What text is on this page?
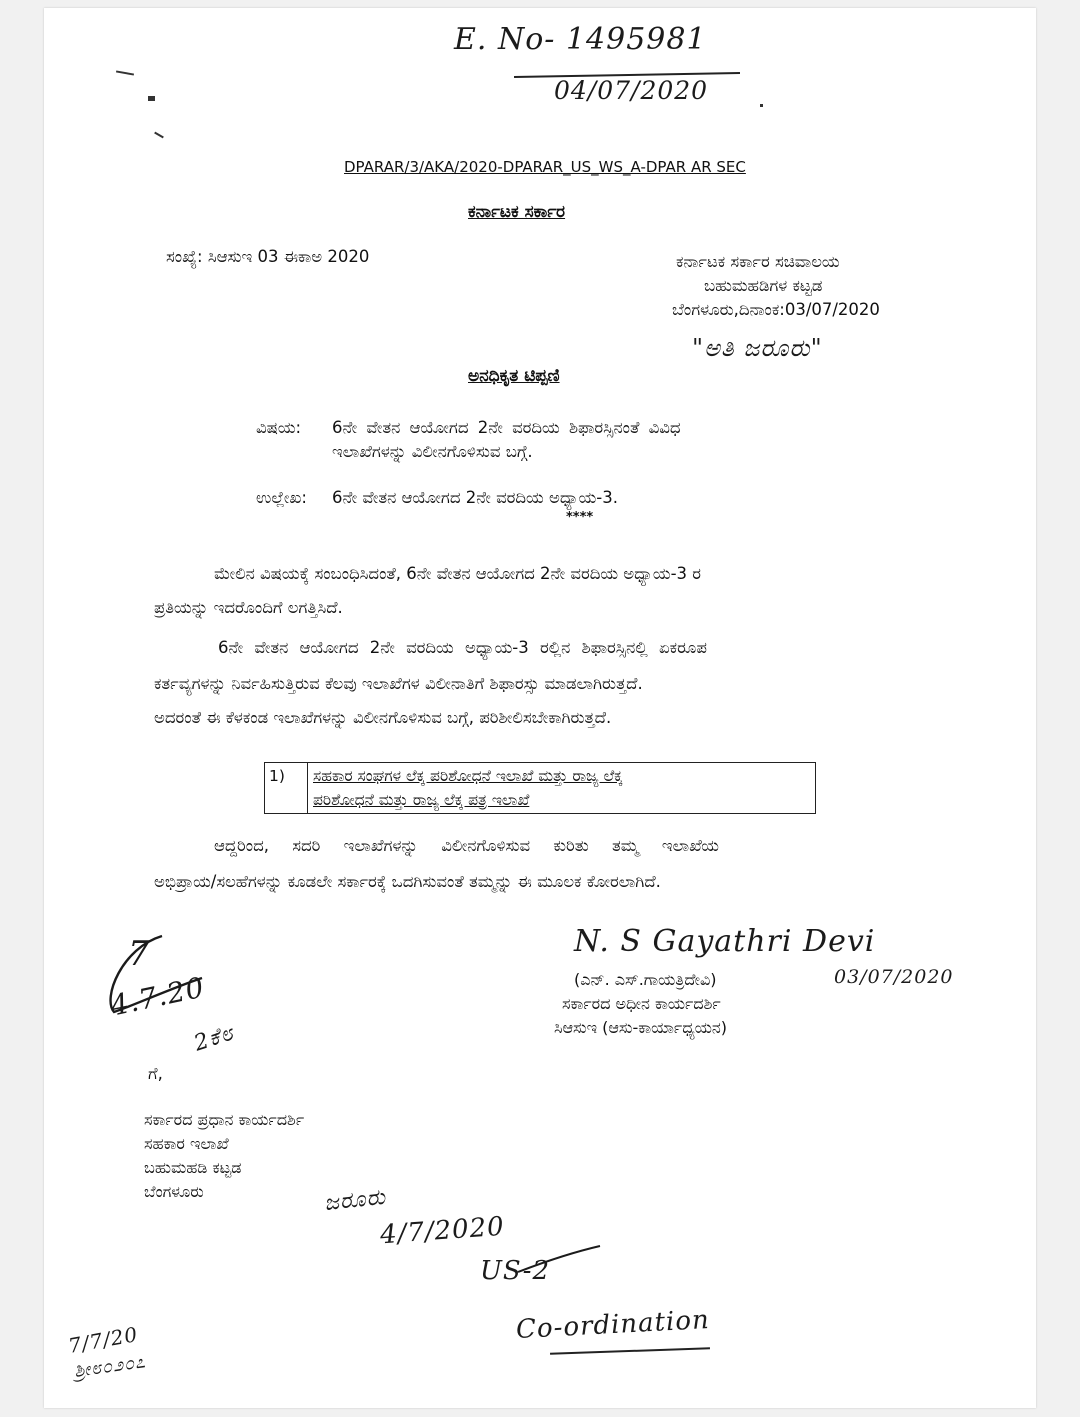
E. No- 1495981
04/07/2020
DPARAR/3/AKA/2020-DPARAR_US_WS_A-DPAR AR SEC
ಕರ್ನಾಟಕ ಸರ್ಕಾರ
ಸಂಖ್ಯೆ: ಸಿಆಸುಇ 03 ಈಕಾಅ 2020	ಕರ್ನಾಟಕ ಸರ್ಕಾರ ಸಚಿವಾಲಯ
ಬಹುಮಹಡಿಗಳ ಕಟ್ಟಡ
ಬೆಂಗಳೂರು,ದಿನಾಂಕ:03/07/2020
"ಅತಿ ಜರೂರು"
ಅನಧಿಕೃತ ಟಿಪ್ಪಣಿ
ವಿಷಯ: 6ನೇ ವೇತನ ಆಯೋಗದ 2ನೇ ವರದಿಯ ಶಿಫಾರಸ್ಸಿನಂತೆ ವಿವಿಧ
ಇಲಾಖೆಗಳನ್ನು ವಿಲೀನಗೊಳಿಸುವ ಬಗ್ಗೆ.
ಉಲ್ಲೇಖ: 6ನೇ ವೇತನ ಆಯೋಗದ 2ನೇ ವರದಿಯ ಅಧ್ಯಾಯ-3.
****
ಮೇಲಿನ ವಿಷಯಕ್ಕೆ ಸಂಬಂಧಿಸಿದಂತೆ, 6ನೇ ವೇತನ ಆಯೋಗದ 2ನೇ ವರದಿಯ ಅಧ್ಯಾಯ-3 ರ
ಪ್ರತಿಯನ್ನು ಇದರೊಂದಿಗೆ ಲಗತ್ತಿಸಿದೆ.
6ನೇ ವೇತನ ಆಯೋಗದ 2ನೇ ವರದಿಯ ಅಧ್ಯಾಯ-3 ರಲ್ಲಿನ ಶಿಫಾರಸ್ಸಿನಲ್ಲಿ ಏಕರೂಪ
ಕರ್ತವ್ಯಗಳನ್ನು ನಿರ್ವಹಿಸುತ್ತಿರುವ ಕೆಲವು ಇಲಾಖೆಗಳ ವಿಲೀನಾತಿಗೆ ಶಿಫಾರಸ್ಸು ಮಾಡಲಾಗಿರುತ್ತದೆ.
ಅದರಂತೆ ಈ ಕೆಳಕಂಡ ಇಲಾಖೆಗಳನ್ನು ವಿಲೀನಗೊಳಿಸುವ ಬಗ್ಗೆ, ಪರಿಶೀಲಿಸಬೇಕಾಗಿರುತ್ತದೆ.
1) ಸಹಕಾರ ಸಂಘಗಳ ಲೆಕ್ಕ ಪರಿಶೋಧನೆ ಇಲಾಖೆ ಮತ್ತು ರಾಜ್ಯ ಲೆಕ್ಕ
ಪರಿಶೋಧನೆ ಮತ್ತು ರಾಜ್ಯ ಲೆಕ್ಕ ಪತ್ರ ಇಲಾಖೆ
ಆದ್ದರಿಂದ, ಸದರಿ ಇಲಾಖೆಗಳನ್ನು ವಿಲೀನಗೊಳಿಸುವ ಕುರಿತು ತಮ್ಮ ಇಲಾಖೆಯ
ಅಭಿಪ್ರಾಯ/ಸಲಹೆಗಳನ್ನು ಕೂಡಲೇ ಸರ್ಕಾರಕ್ಕೆ ಒದಗಿಸುವಂತೆ ತಮ್ಮನ್ನು ಈ ಮೂಲಕ ಕೋರಲಾಗಿದೆ.
N. S Gayathri Devi
03/07/2020
(ಎನ್. ಎಸ್.ಗಾಯತ್ರಿದೇವಿ)
ಸರ್ಕಾರದ ಅಧೀನ ಕಾರ್ಯದರ್ಶಿ
ಸಿಆಸುಇ (ಆಸು-ಕಾರ್ಯಾಧ್ಯಯನ)
7
4.7.20
2ಕೆ೮
ಗೆ,
ಸರ್ಕಾರದ ಪ್ರಧಾನ ಕಾರ್ಯದರ್ಶಿ
ಸಹಕಾರ ಇಲಾಖೆ
ಬಹುಮಹಡಿ ಕಟ್ಟಡ
ಬೆಂಗಳೂರು	ಜರೂರು
4/7/2020
US-2
Co-ordination
7/7/20
ಶ್ರೀ೮೦೨೦೭
